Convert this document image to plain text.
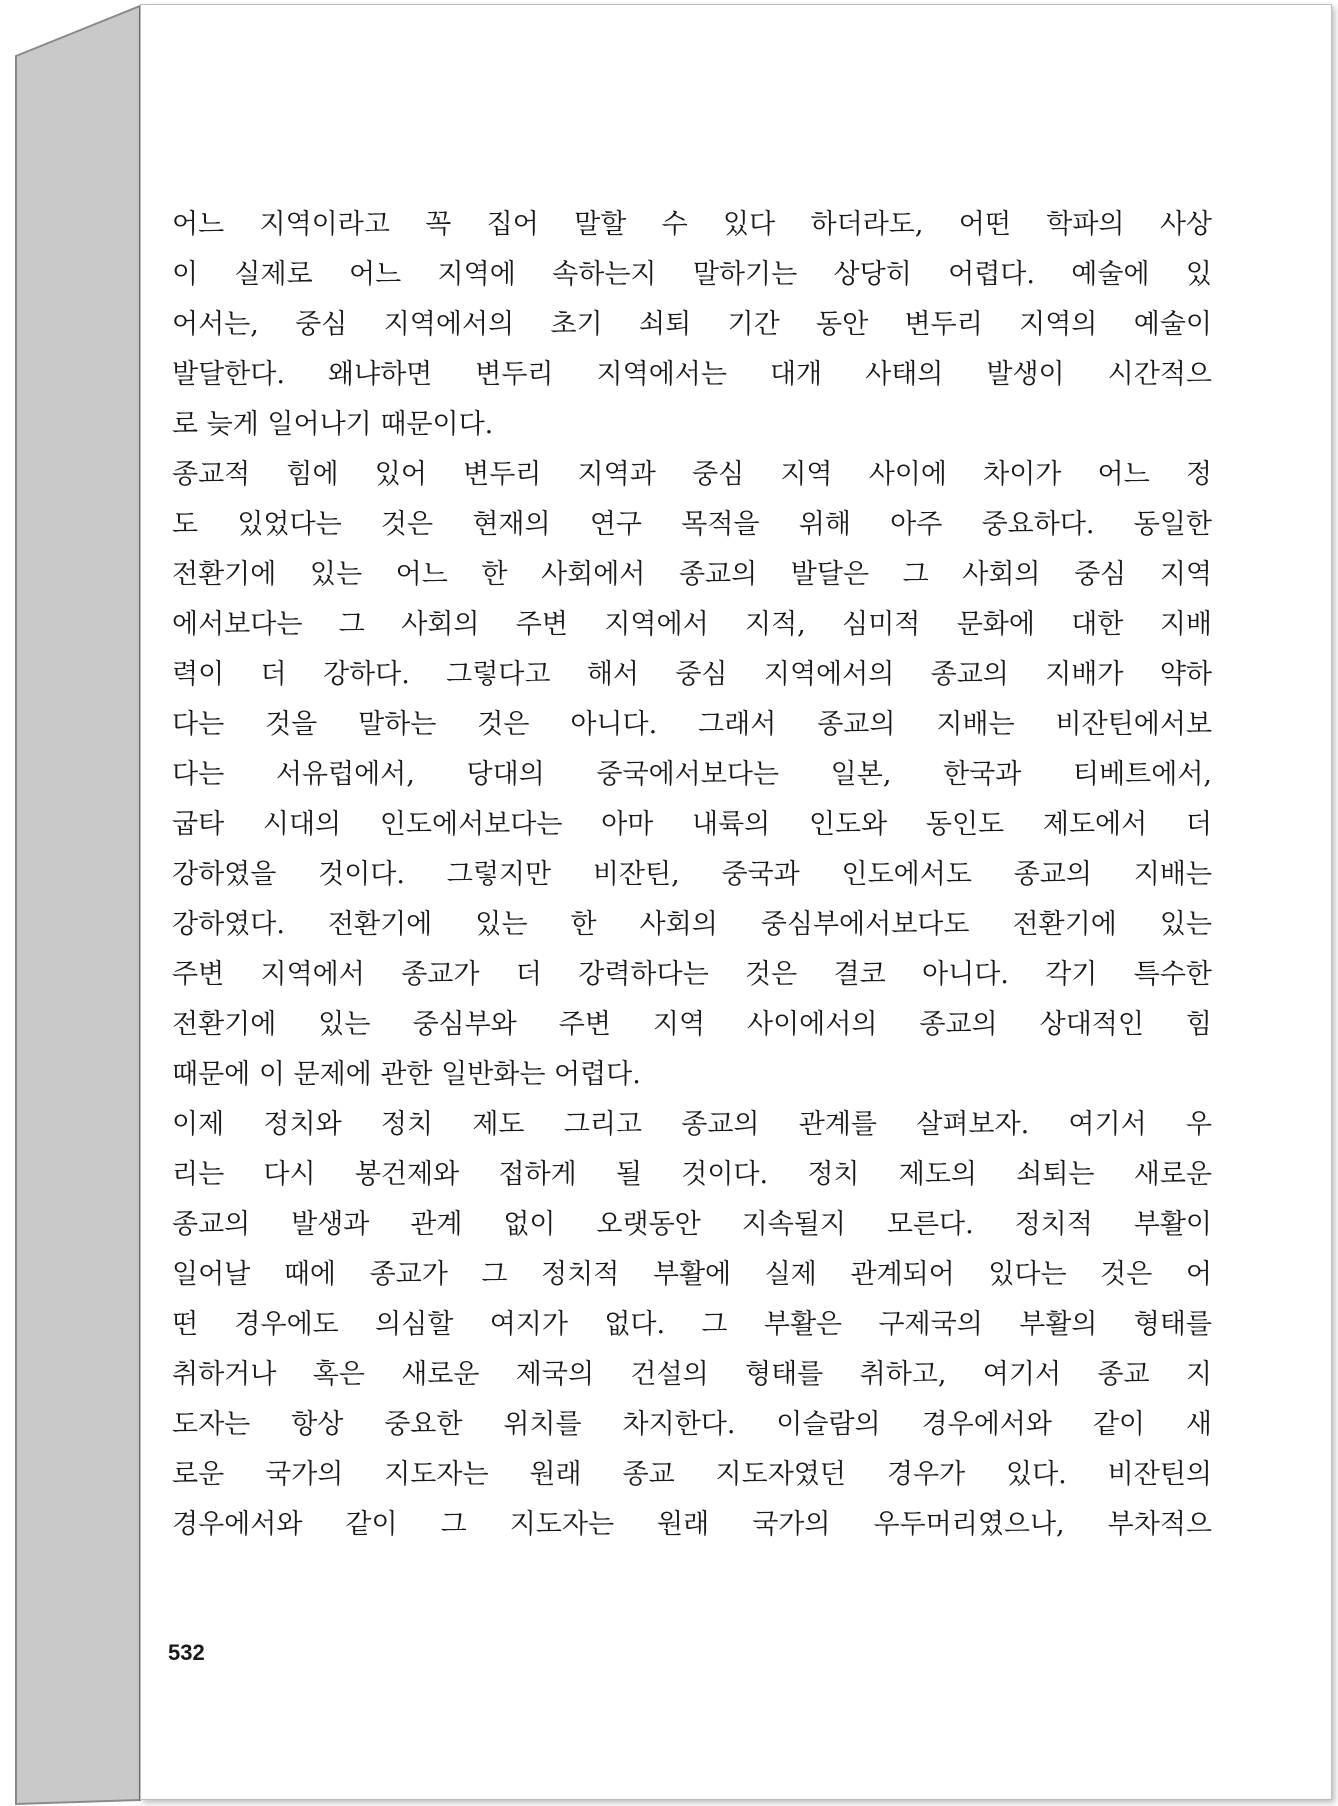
어느 지역이라고 꼭 집어 말할 수 있다 하더라도, 어떤 학파의 사상
이 실제로 어느 지역에 속하는지 말하기는 상당히 어렵다. 예술에 있
어서는, 중심 지역에서의 초기 쇠퇴 기간 동안 변두리 지역의 예술이
발달한다. 왜냐하면 변두리 지역에서는 대개 사태의 발생이 시간적으
로 늦게 일어나기 때문이다.
종교적 힘에 있어 변두리 지역과 중심 지역 사이에 차이가 어느 정
도 있었다는 것은 현재의 연구 목적을 위해 아주 중요하다. 동일한
전환기에 있는 어느 한 사회에서 종교의 발달은 그 사회의 중심 지역
에서보다는 그 사회의 주변 지역에서 지적, 심미적 문화에 대한 지배
력이 더 강하다. 그렇다고 해서 중심 지역에서의 종교의 지배가 약하
다는 것을 말하는 것은 아니다. 그래서 종교의 지배는 비잔틴에서보
다는 서유럽에서, 당대의 중국에서보다는 일본, 한국과 티베트에서,
굽타 시대의 인도에서보다는 아마 내륙의 인도와 동인도 제도에서 더
강하였을 것이다. 그렇지만 비잔틴, 중국과 인도에서도 종교의 지배는
강하였다. 전환기에 있는 한 사회의 중심부에서보다도 전환기에 있는
주변 지역에서 종교가 더 강력하다는 것은 결코 아니다. 각기 특수한
전환기에 있는 중심부와 주변 지역 사이에서의 종교의 상대적인 힘
때문에 이 문제에 관한 일반화는 어렵다.
이제 정치와 정치 제도 그리고 종교의 관계를 살펴보자. 여기서 우
리는 다시 봉건제와 접하게 될 것이다. 정치 제도의 쇠퇴는 새로운
종교의 발생과 관계 없이 오랫동안 지속될지 모른다. 정치적 부활이
일어날 때에 종교가 그 정치적 부활에 실제 관계되어 있다는 것은 어
떤 경우에도 의심할 여지가 없다. 그 부활은 구제국의 부활의 형태를
취하거나 혹은 새로운 제국의 건설의 형태를 취하고, 여기서 종교 지
도자는 항상 중요한 위치를 차지한다. 이슬람의 경우에서와 같이 새
로운 국가의 지도자는 원래 종교 지도자였던 경우가 있다. 비잔틴의
경우에서와 같이 그 지도자는 원래 국가의 우두머리였으나, 부차적으
532
